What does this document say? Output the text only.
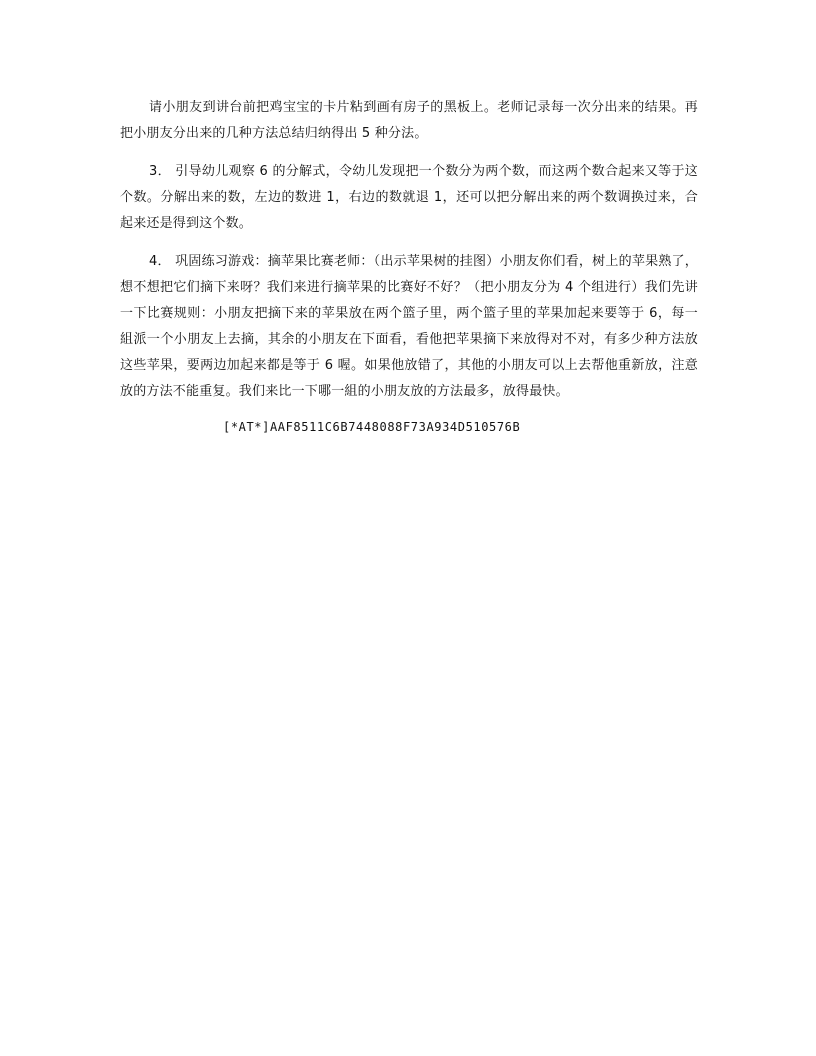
请小朋友到讲台前把鸡宝宝的卡片粘到画有房子的黑板上。老师记录每一次分出来的结果。再把小朋友分出来的几种方法总结归纳得出 5 种分法。

3． 引导幼儿观察 6 的分解式，令幼儿发现把一个数分为两个数，而这两个数合起来又等于这个数。分解出来的数，左边的数进 1，右边的数就退 1，还可以把分解出来的两个数调换过来，合起来还是得到这个数。

4． 巩固练习游戏：摘苹果比赛老师：（出示苹果树的挂图）小朋友你们看，树上的苹果熟了，想不想把它们摘下来呀？我们来进行摘苹果的比赛好不好？（把小朋友分为 4 个组进行）我们先讲一下比赛规则：小朋友把摘下来的苹果放在两个篮子里，两个篮子里的苹果加起来要等于 6，每一組派一个小朋友上去摘，其余的小朋友在下面看，看他把苹果摘下来放得对不对，有多少种方法放这些苹果，要两边加起来都是等于 6 喔。如果他放错了，其他的小朋友可以上去帮他重新放，注意放的方法不能重复。我们来比一下哪一組的小朋友放的方法最多，放得最快。

[*AT*]AAF8511C6B7448088F73A934D510576B
